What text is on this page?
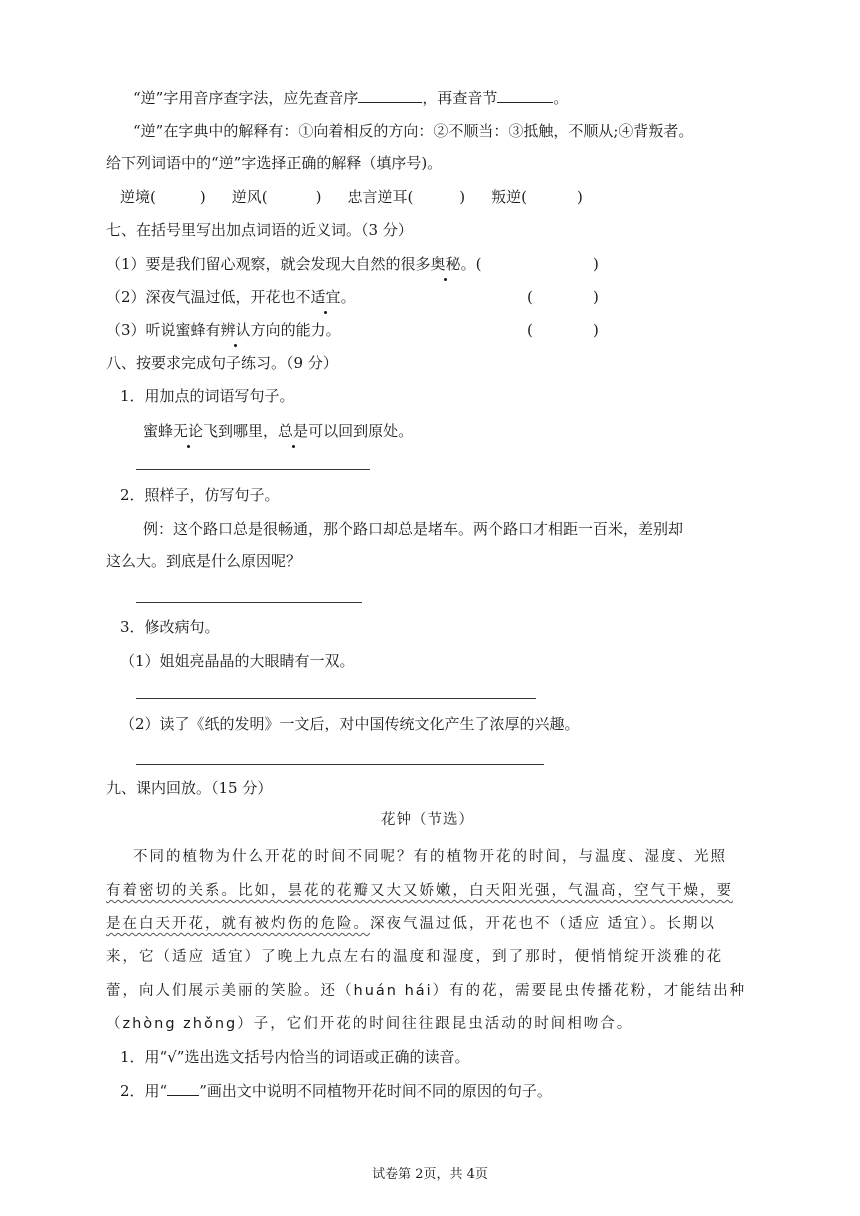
“逆”字用音序查字法，应先查音序	，再查音节	。
“逆”在字典中的解释有：①向着相反的方向：②不顺当：③抵触，不顺从;④背叛者。
给下列词语中的“逆”字选择正确的解释（填序号)。
逆境(	) 逆风(	) 忠言逆耳(	) 叛逆(	)
七、在括号里写出加点词语的近义词。（3 分）
（1）要是我们留心观察，就会发现大自然的很多奥秘。(	)
（2）深夜气温过低，开花也不适宜。	(	)
（3）听说蜜蜂有辨认方向的能力。	(	)
八、按要求完成句子练习。（9 分）
1．用加点的词语写句子。
蜜蜂无论飞到哪里，总是可以回到原处。
2．照样子，仿写句子。
例：这个路口总是很畅通，那个路口却总是堵车。两个路口才相距一百米，差别却
这么大。到底是什么原因呢？
3．修改病句。
（1）姐姐亮晶晶的大眼睛有一双。
（2）读了《纸的发明》一文后，对中国传统文化产生了浓厚的兴趣。
九、课内回放。（15 分）
花钟（节选）
不同的植物为什么开花的时间不同呢？有的植物开花的时间，与温度、湿度、光照
有着密切的关系。比如，昙花的花瓣又大又娇嫩，白天阳光强，气温高，空气干燥，要
是在白天开花，就有被灼伤的危险。深夜气温过低，开花也不（适应 适宜）。长期以
来，它（适应 适宜）了晚上九点左右的温度和湿度，到了那时，便悄悄绽开淡雅的花
蕾，向人们展示美丽的笑脸。还（huán hái）有的花，需要昆虫传播花粉，才能结出种
（zhòng zhǒng）子，它们开花的时间往往跟昆虫活动的时间相吻合。
1．用“√”选出选文括号内恰当的词语或正确的读音。
2．用“ ”画出文中说明不同植物开花时间不同的原因的句子。
试卷第 2页，共 4页
